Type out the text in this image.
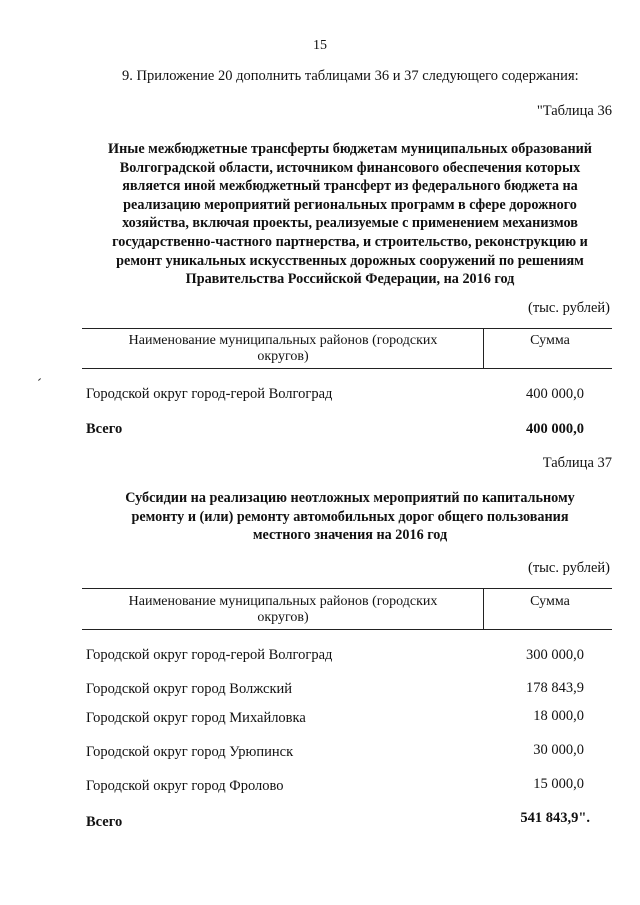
15
9. Приложение 20 дополнить таблицами 36 и 37 следующего содержания:
"Таблица 36
Иные межбюджетные трансферты бюджетам муниципальных образований
Волгоградской области, источником финансового обеспечения которых
является иной межбюджетный трансферт из федерального бюджета на
реализацию мероприятий региональных программ в сфере дорожного
хозяйства, включая проекты, реализуемые с применением механизмов
государственно-частного партнерства, и строительство, реконструкцию и
ремонт уникальных искусственных дорожных сооружений по решениям
Правительства Российской Федерации, на 2016 год
(тыс. рублей)
Наименование муниципальных районов (городских
округов)
Сумма
Городской округ город-герой Волгоград	400 000,0
Всего	400 000,0
Таблица 37
Субсидии на реализацию неотложных мероприятий по капитальному
ремонту и (или) ремонту автомобильных дорог общего пользования
местного значения на 2016 год
(тыс. рублей)
Наименование муниципальных районов (городских
округов)
Сумма
Городской округ город-герой Волгоград	300 000,0
Городской округ город Волжский	178 843,9
Городской округ город Михайловка	18 000,0
Городской округ город Урюпинск	30 000,0
Городской округ город Фролово	15 000,0
Всего	541 843,9".
